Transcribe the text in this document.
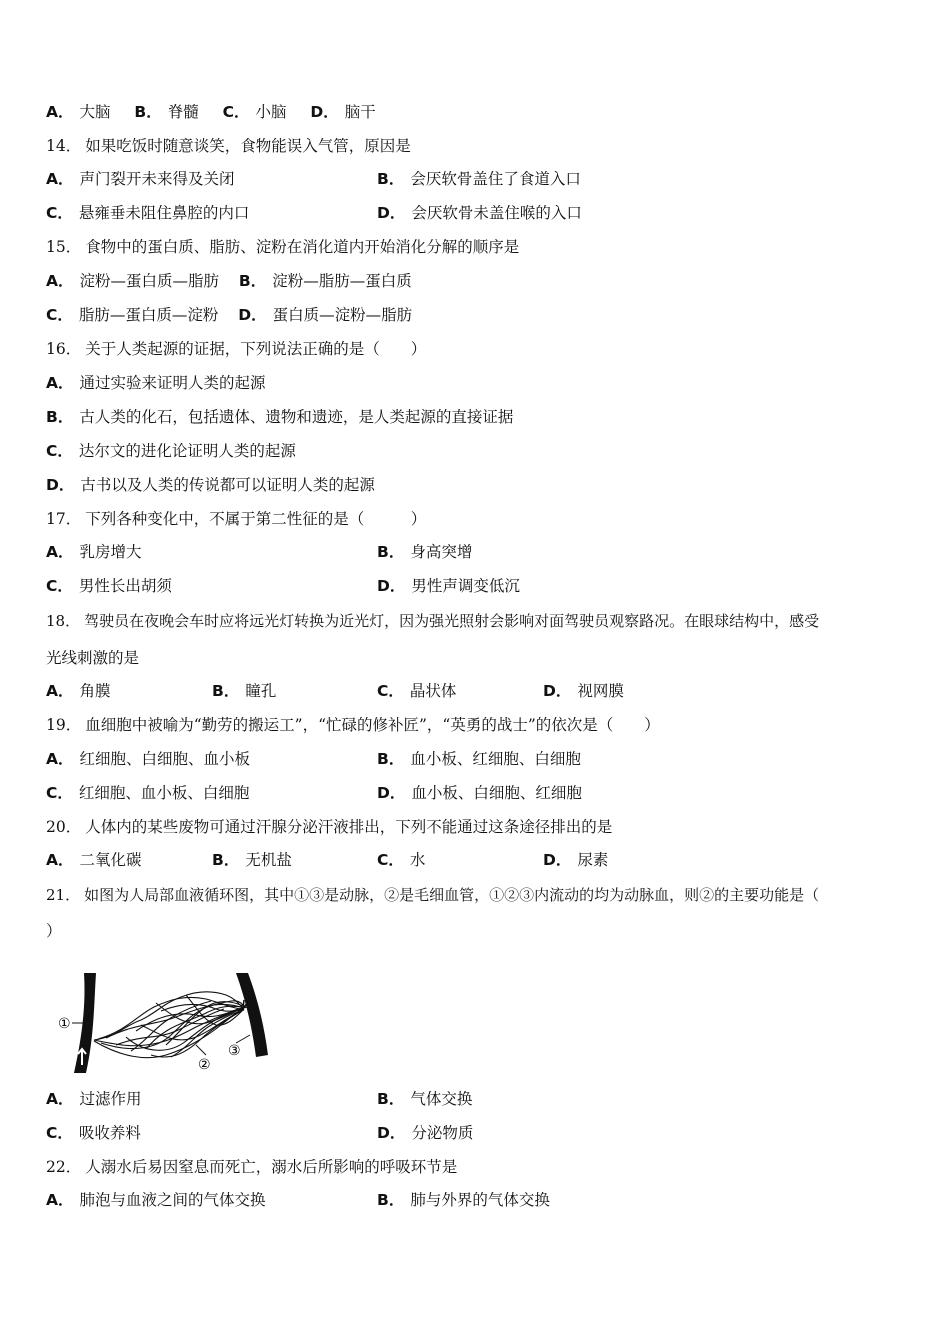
A． 大脑 B． 脊髓 C． 小脑 D． 脑干
14． 如果吃饭时随意谈笑，食物能误入气管，原因是
A． 声门裂开未来得及关闭	B． 会厌软骨盖住了食道入口
C． 悬雍垂未阻住鼻腔的内口	D． 会厌软骨未盖住喉的入口
15． 食物中的蛋白质、脂肪、淀粉在消化道内开始消化分解的顺序是
A． 淀粉—蛋白质—脂肪 B． 淀粉—脂肪—蛋白质
C． 脂肪—蛋白质—淀粉 D． 蛋白质—淀粉—脂肪
16． 关于人类起源的证据，下列说法正确的是（　　）
A． 通过实验来证明人类的起源
B． 古人类的化石，包括遗体、遗物和遗迹，是人类起源的直接证据
C． 达尔文的进化论证明人类的起源
D． 古书以及人类的传说都可以证明人类的起源
17． 下列各种变化中，不属于第二性征的是（　　　）
A． 乳房增大	B． 身高突增
C． 男性长出胡须	D． 男性声调变低沉
18． 驾驶员在夜晚会车时应将远光灯转换为近光灯，因为强光照射会影响对面驾驶员观察路况。在眼球结构中，感受
光线刺激的是
A． 角膜	B． 瞳孔	C． 晶状体	D． 视网膜
19． 血细胞中被喻为“勤劳的搬运工”，“忙碌的修补匠”，“英勇的战士”的依次是（　　）
A． 红细胞、白细胞、血小板	B． 血小板、红细胞、白细胞
C． 红细胞、血小板、白细胞	D． 血小板、白细胞、红细胞
20． 人体内的某些废物可通过汗腺分泌汗液排出，下列不能通过这条途径排出的是
A． 二氧化碳	B． 无机盐	C． 水	D． 尿素
21． 如图为人局部血液循环图，其中①③是动脉，②是毛细血管，①②③内流动的均为动脉血，则②的主要功能是（
）
①
②
③
A． 过滤作用	B． 气体交换
C． 吸收养料	D． 分泌物质
22． 人溺水后易因窒息而死亡，溺水后所影响的呼吸环节是
A． 肺泡与血液之间的气体交换	B． 肺与外界的气体交换
